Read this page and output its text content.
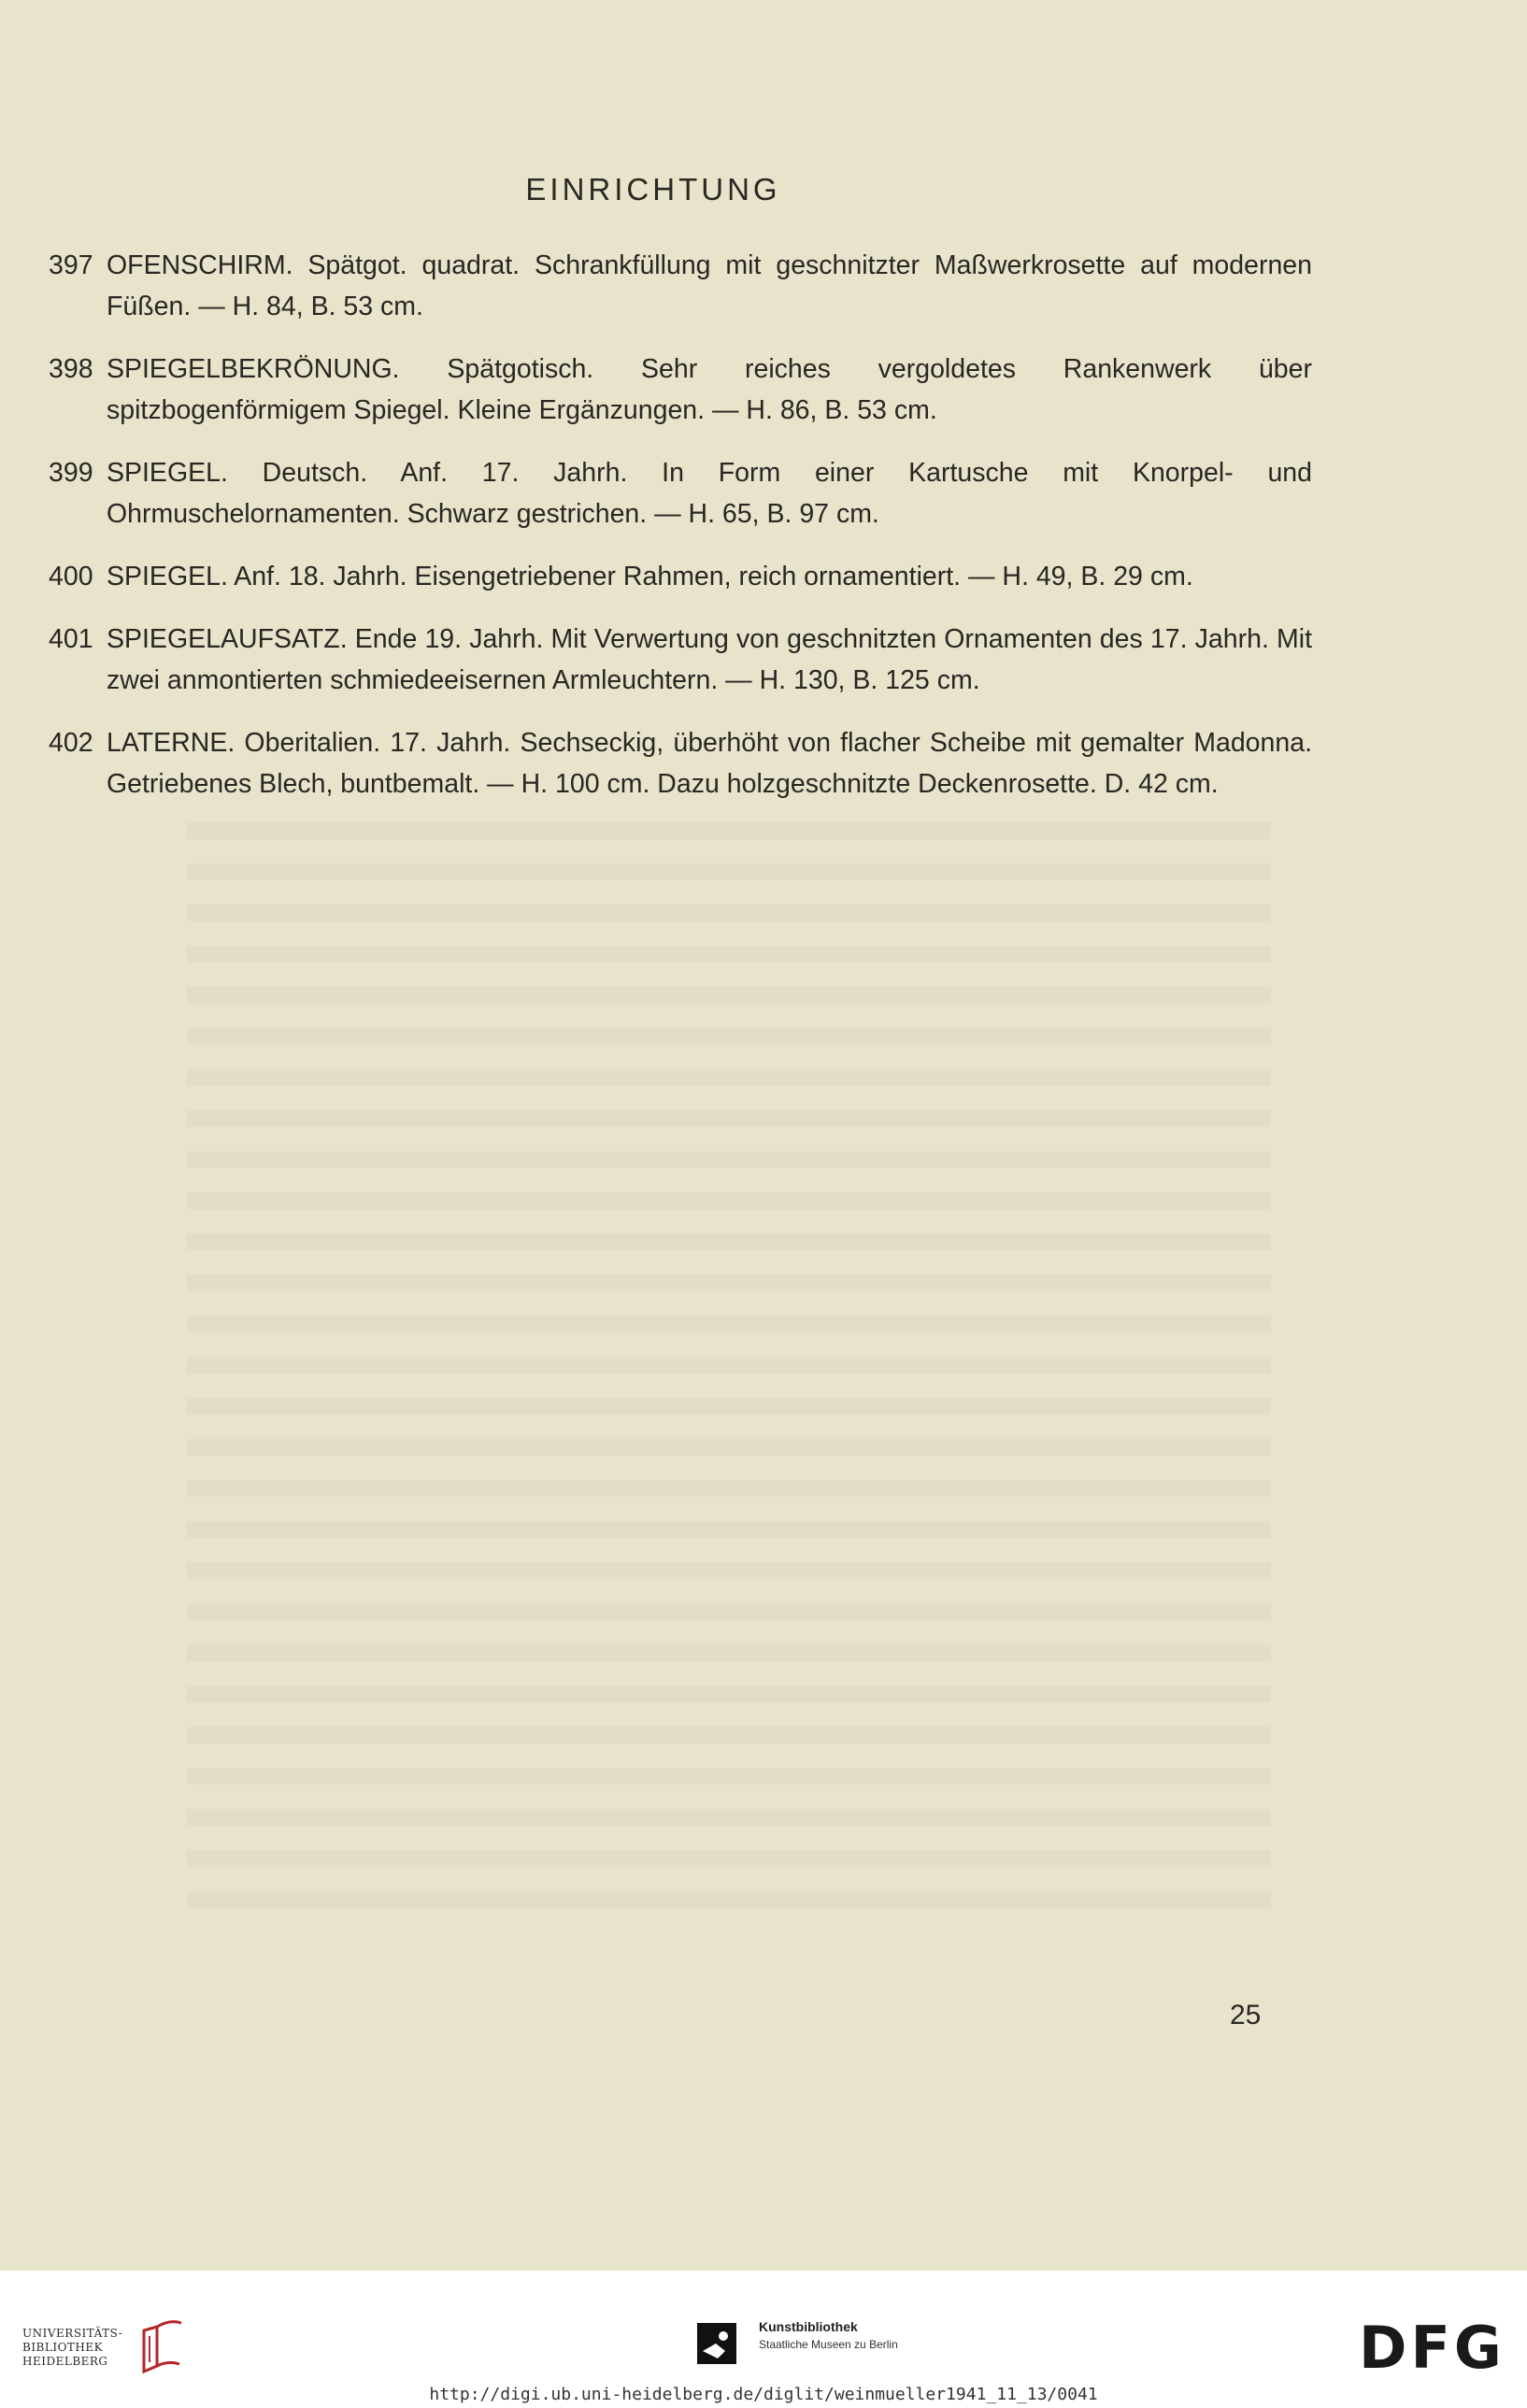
EINRICHTUNG
397 OFENSCHIRM. Spätgot. quadrat. Schrankfüllung mit geschnitzter Maßwerkrosette auf modernen Füßen. — H. 84, B. 53 cm.
398 SPIEGELBEKRÖNUNG. Spätgotisch. Sehr reiches vergoldetes Rankenwerk über spitzbogenförmigem Spiegel. Kleine Ergänzungen. — H. 86, B. 53 cm.
399 SPIEGEL. Deutsch. Anf. 17. Jahrh. In Form einer Kartusche mit Knorpel- und Ohrmuschelornamenten. Schwarz gestrichen. — H. 65, B. 97 cm.
400 SPIEGEL. Anf. 18. Jahrh. Eisengetriebener Rahmen, reich ornamentiert. — H. 49, B. 29 cm.
401 SPIEGELAUFSATZ. Ende 19. Jahrh. Mit Verwertung von geschnitzten Ornamenten des 17. Jahrh. Mit zwei anmontierten schmiedeeisernen Armleuchtern. — H. 130, B. 125 cm.
402 LATERNE. Oberitalien. 17. Jahrh. Sechseckig, überhöht von flacher Scheibe mit gemalter Madonna. Getriebenes Blech, buntbemalt. — H. 100 cm. Dazu holzgeschnitzte Deckenrosette. D. 42 cm.
25
UNIVERSITÄTS-
BIBLIOTHEK
HEIDELBERG
Kunstbibliothek
Staatliche Museen zu Berlin	DFG
http://digi.ub.uni-heidelberg.de/diglit/weinmueller1941_11_13/0041
